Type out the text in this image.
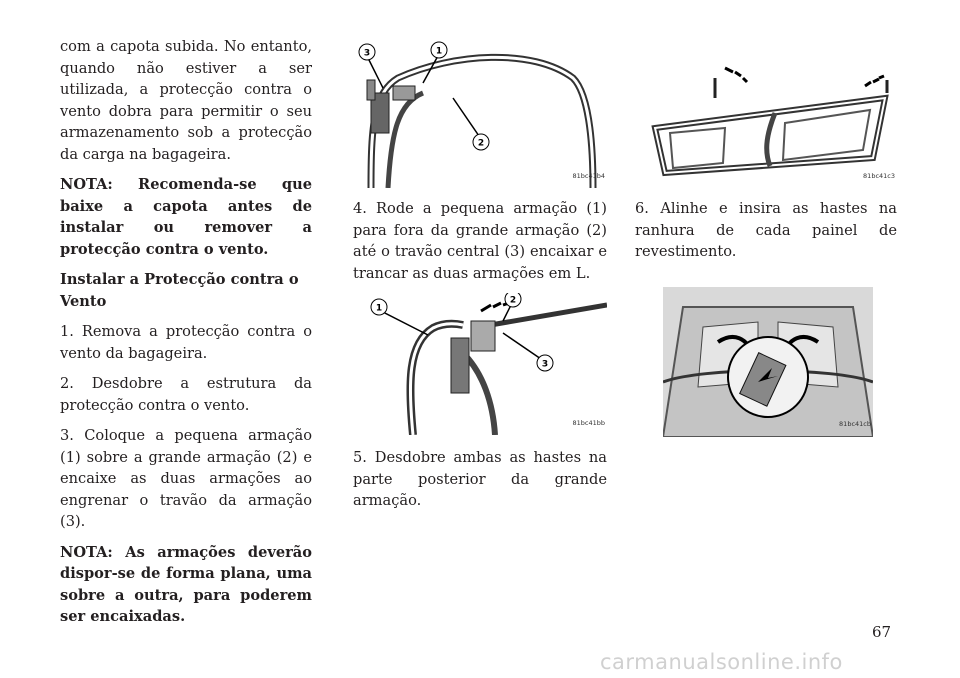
com a capota subida. No entanto, quando não estiver a ser utilizada, a protecção contra o vento dobra para permitir o seu armazenamento sob a protecção da carga na bagageira.

NOTA: Recomenda-se que baixe a capota antes de instalar ou remover a protecção contra o vento.

Instalar a Protecção contra o Vento

1. Remova a protecção contra o vento da bagageira.

2. Desdobre a estrutura da protecção contra o vento.

3. Coloque a pequena armação (1) sobre a grande armação (2) e encaixe as duas armações ao engrenar o travão da armação (3).

NOTA: As armações deverão dispor-se de forma plana, uma sobre a outra, para poderem ser encaixadas.

3	1
2
81bc41b4

4. Rode a pequena armação (1) para fora da grande armação (2) até o travão central (3) encaixar e trancar as duas armações em L.

1
2
3
81bc41bb

5. Desdobre ambas as hastes na parte posterior da grande armação.

81bc41c3

6. Alinhe e insira as hastes na ranhura de cada painel de revestimento.

81bc41cb
67
carmanualsonline.info
